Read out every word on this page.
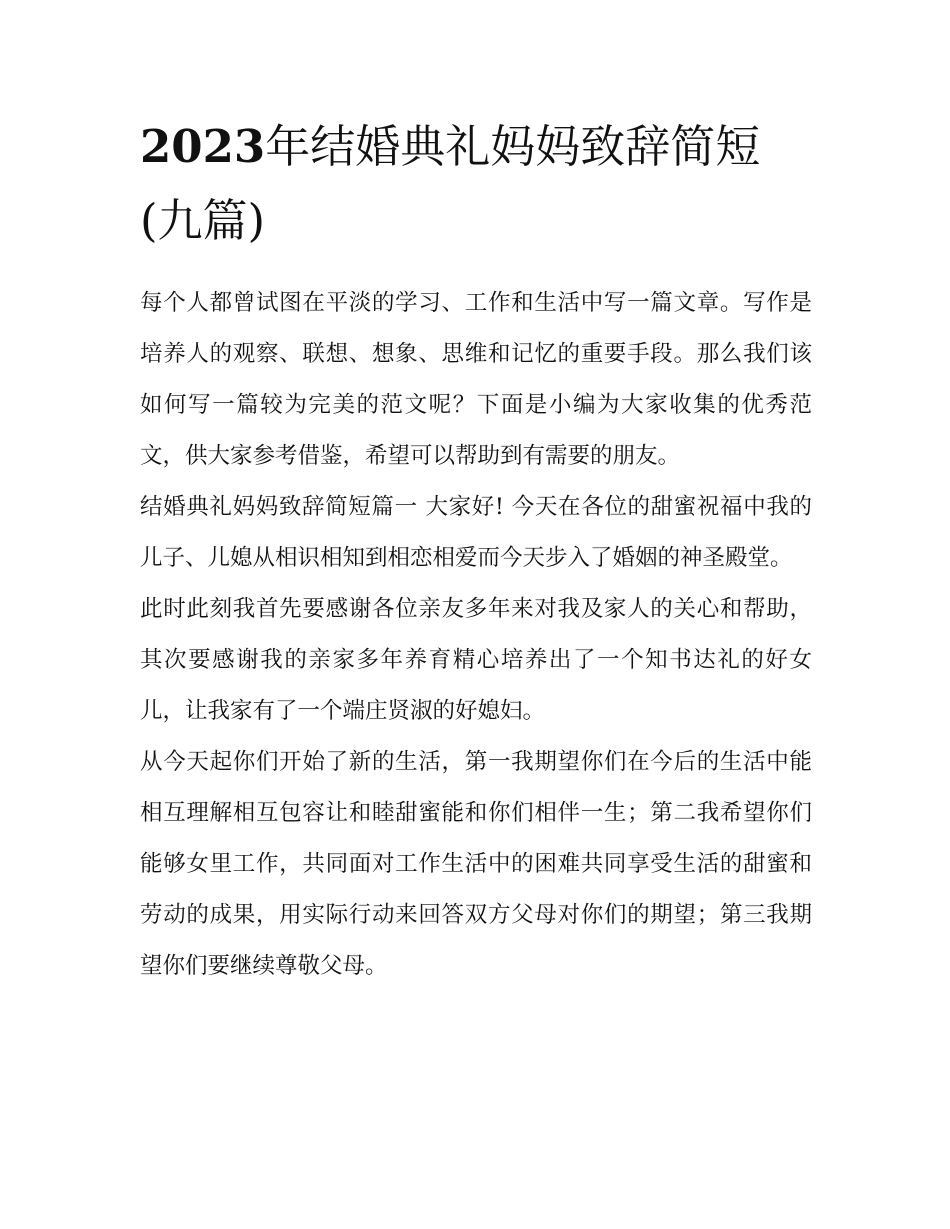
2023年结婚典礼妈妈致辞简短(九篇)

每个人都曾试图在平淡的学习、工作和生活中写一篇文章。写作是培养人的观察、联想、想象、思维和记忆的重要手段。那么我们该如何写一篇较为完美的范文呢？下面是小编为大家收集的优秀范文，供大家参考借鉴，希望可以帮助到有需要的朋友。

结婚典礼妈妈致辞简短篇一 大家好! 今天在各位的甜蜜祝福中我的儿子、儿媳从相识相知到相恋相爱而今天步入了婚姻的神圣殿堂。

此时此刻我首先要感谢各位亲友多年来对我及家人的关心和帮助，其次要感谢我的亲家多年养育精心培养出了一个知书达礼的好女儿，让我家有了一个端庄贤淑的好媳妇。

从今天起你们开始了新的生活，第一我期望你们在今后的生活中能相互理解相互包容让和睦甜蜜能和你们相伴一生；第二我希望你们能够女里工作，共同面对工作生活中的困难共同享受生活的甜蜜和劳动的成果，用实际行动来回答双方父母对你们的期望；第三我期望你们要继续尊敬父母。
